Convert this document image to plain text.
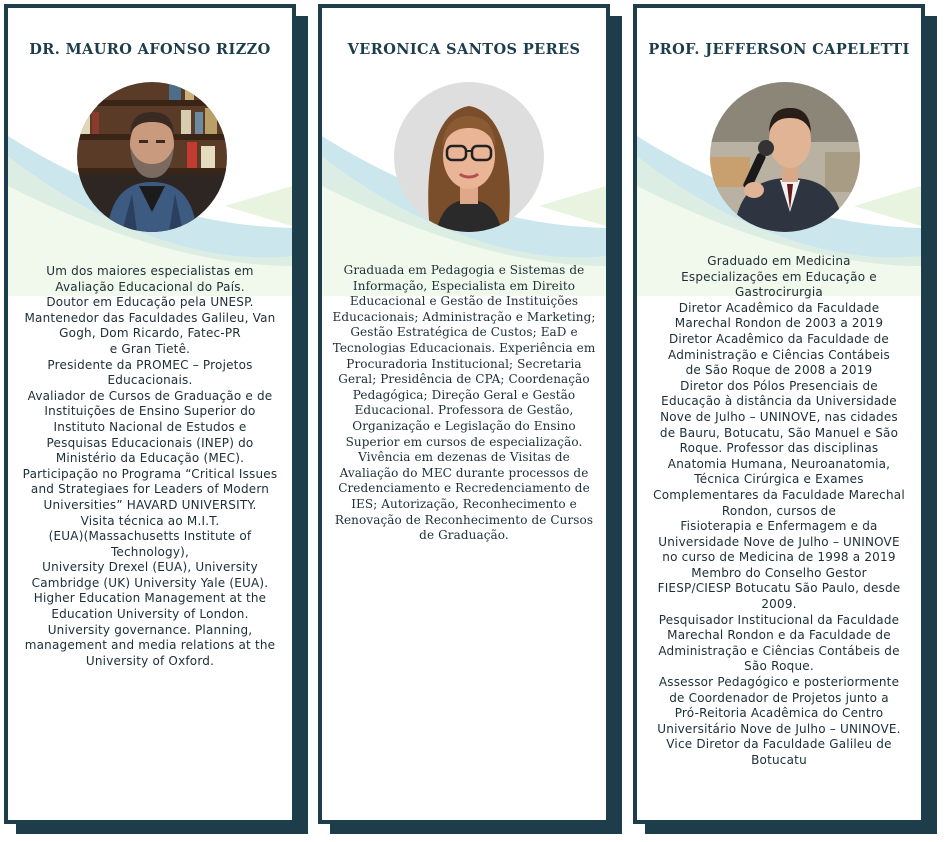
DR. MAURO AFONSO RIZZO
Um dos maiores especialistas em
Avaliação Educacional do País.
Doutor em Educação pela UNESP.
Mantenedor das Faculdades Galileu, Van
Gogh, Dom Ricardo, Fatec-PR
e Gran Tietê.
Presidente da PROMEC – Projetos
Educacionais.
Avaliador de Cursos de Graduação e de
Instituições de Ensino Superior do
Instituto Nacional de Estudos e
Pesquisas Educacionais (INEP) do
Ministério da Educação (MEC).
Participação no Programa “Critical Issues
and Strategiaes for Leaders of Modern
Universities” HAVARD UNIVERSITY.
Visita técnica ao M.I.T.
(EUA)(Massachusetts Institute of
Technology),
University Drexel (EUA), University
Cambridge (UK) University Yale (EUA).
Higher Education Management at the
Education University of London.
University governance. Planning,
management and media relations at the
University of Oxford.
VERONICA SANTOS PERES
Graduada em Pedagogia e Sistemas de
Informação, Especialista em Direito
Educacional e Gestão de Instituições
Educacionais; Administração e Marketing;
Gestão Estratégica de Custos; EaD e
Tecnologias Educacionais. Experiência em
Procuradoria Institucional; Secretaria
Geral; Presidência de CPA; Coordenação
Pedagógica; Direção Geral e Gestão
Educacional. Professora de Gestão,
Organização e Legislação do Ensino
Superior em cursos de especialização.
Vivência em dezenas de Visitas de
Avaliação do MEC durante processos de
Credenciamento e Recredenciamento de
IES; Autorização, Reconhecimento e
Renovação de Reconhecimento de Cursos
de Graduação.
PROF. JEFFERSON CAPELETTI
Graduado em Medicina
Especializações em Educação e
Gastrocirurgia
Diretor Acadêmico da Faculdade
Marechal Rondon de 2003 a 2019
Diretor Acadêmico da Faculdade de
Administração e Ciências Contábeis
de São Roque de 2008 a 2019
Diretor dos Pólos Presenciais de
Educação à distância da Universidade
Nove de Julho – UNINOVE, nas cidades
de Bauru, Botucatu, São Manuel e São
Roque. Professor das disciplinas
Anatomia Humana, Neuroanatomia,
Técnica Cirúrgica e Exames
Complementares da Faculdade Marechal
Rondon, cursos de
Fisioterapia e Enfermagem e da
Universidade Nove de Julho – UNINOVE
no curso de Medicina de 1998 a 2019
Membro do Conselho Gestor
FIESP/CIESP Botucatu São Paulo, desde
2009.
Pesquisador Institucional da Faculdade
Marechal Rondon e da Faculdade de
Administração e Ciências Contábeis de
São Roque.
Assessor Pedagógico e posteriormente
de Coordenador de Projetos junto a
Pró-Reitoria Acadêmica do Centro
Universitário Nove de Julho – UNINOVE.
Vice Diretor da Faculdade Galileu de
Botucatu
